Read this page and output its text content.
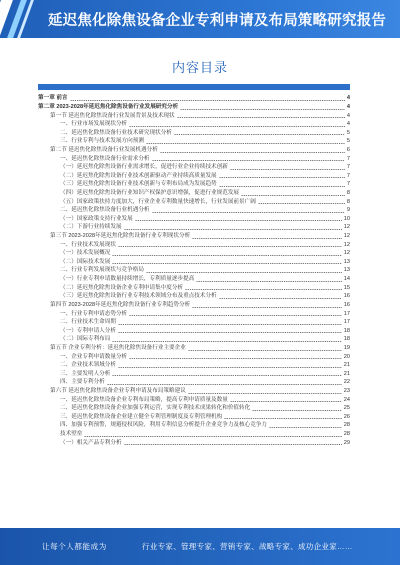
延迟焦化除焦设备企业专利申请及布局策略研究报告
内容目录
第一章 前言	4
第二章 2023-2028年延迟焦化除焦设备行业发展研究分析	4
第一节 延迟焦化除焦设备行业发展背景及技术现状	4
一、行业市场发展现状分析	4
二、延迟焦化除焦设备行业技术研究现状分析	5
三、行业专利与技术发展方向预测	5
第二节 延迟焦化除焦设备行业发展机遇分析	6
一、延迟焦化除焦设备行业需求分析	7
（一）延迟焦化除焦设备行业需求增长，促进行业企业持续技术创新	7
（二）延迟焦化除焦设备行业技术创新驱动产业持续高质量发展	7
（三）延迟焦化除焦设备行业技术创新与专利布局成为发展趋势	7
（四）延迟焦化除焦设备行业知识产权保护意识增强，促进行业规范发展	8
（五）国家政策扶持力度加大，行业企业专利数量快速增长，行业发展前景广阔	8
二、延迟焦化除焦设备行业机遇分析	9
（一）国家政策支持行业发展	10
（二）下游行业持续发展	12
第三节 2023-2028年延迟焦化除焦设备行业专利现状分析	12
一、行业技术发展现状	12
（一）技术发展概况	12
（二）国际技术发展	13
二、行业专利发展现状与竞争格局	13
（一）行业专利申请数量持续增长，专利质量逐步提高	14
（二）延迟焦化除焦设备企业专利申请集中度分析	15
（三）延迟焦化除焦设备行业专利技术领域分布及重点技术分析	16
第四节 2023-2028年延迟焦化除焦设备行业专利趋势分析	16
一、行业专利申请态势分析	17
二、行业技术生命周期	17
（一）专利申请人分析	18
（二）国际专利布局	18
第五节 企业专利分析：延迟焦化除焦设备行业主要企业	19
一、企业专利申请数量分析	20
二、企业技术领域分析	21
三、主要发明人分析	21
四、主要专利分析	22
第六节 延迟焦化除焦设备企业专利申请及布局策略建议	23
一、延迟焦化除焦设备企业专利布局策略，提高专利申请质量及数量	24
二、延迟焦化除焦设备企业加强专利运营，实现专利技术成果转化和价值转化	25
三、延迟焦化除焦设备企业建立健全专利管理制度及专利管理机构	26
四、加强专利预警，规避侵权风险，利用专利信息分析提升企业竞争力及核心竞争力	28
技术壁垒	28
（一）相关产品专利分析	29
让每个人都能成为	行业专家、管理专家、营销专家、战略专家、成功企业家……
